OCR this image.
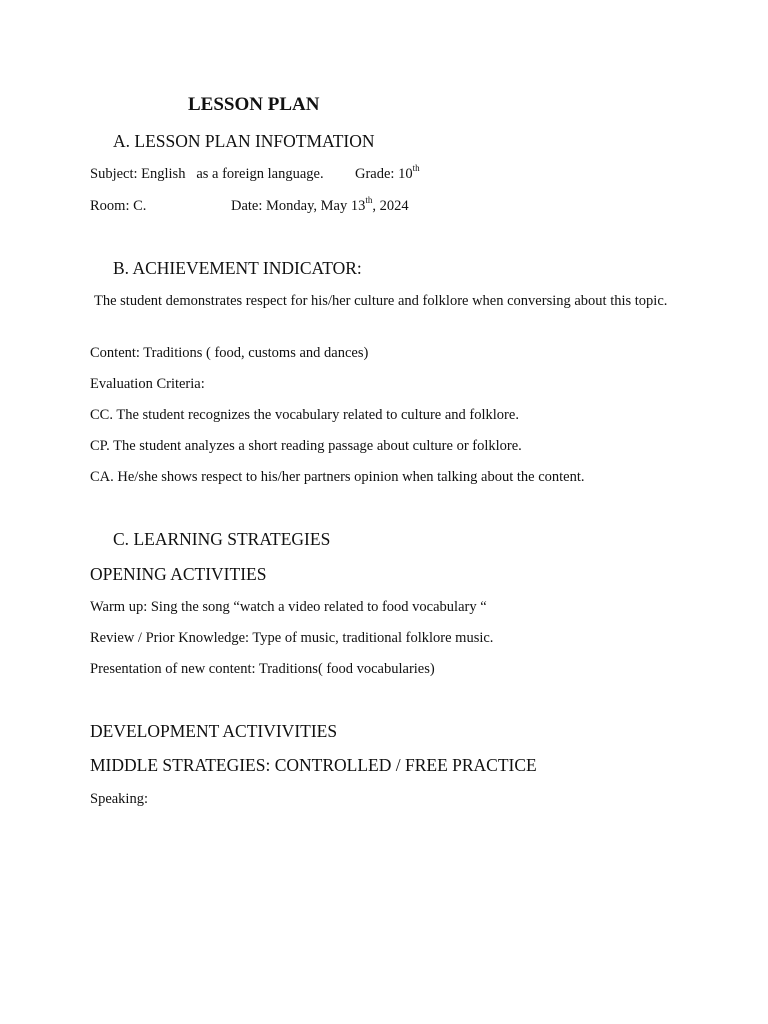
LESSON PLAN
A. LESSON PLAN INFOTMATION
Subject: English as a foreign language. Grade: 10th
Room: C.	Date: Monday, May 13th, 2024
B. ACHIEVEMENT INDICATOR:
The student demonstrates respect for his/her culture and folklore when conversing about this topic.
Content: Traditions ( food, customs and dances)
Evaluation Criteria:
CC. The student recognizes the vocabulary related to culture and folklore.
CP. The student analyzes a short reading passage about culture or folklore.
CA. He/she shows respect to his/her partners opinion when talking about the content.
C. LEARNING STRATEGIES
OPENING ACTIVITIES
Warm up: Sing the song “watch a video related to food vocabulary “
Review / Prior Knowledge: Type of music, traditional folklore music.
Presentation of new content: Traditions( food vocabularies)
DEVELOPMENT ACTIVIVITIES
MIDDLE STRATEGIES: CONTROLLED / FREE PRACTICE
Speaking:
